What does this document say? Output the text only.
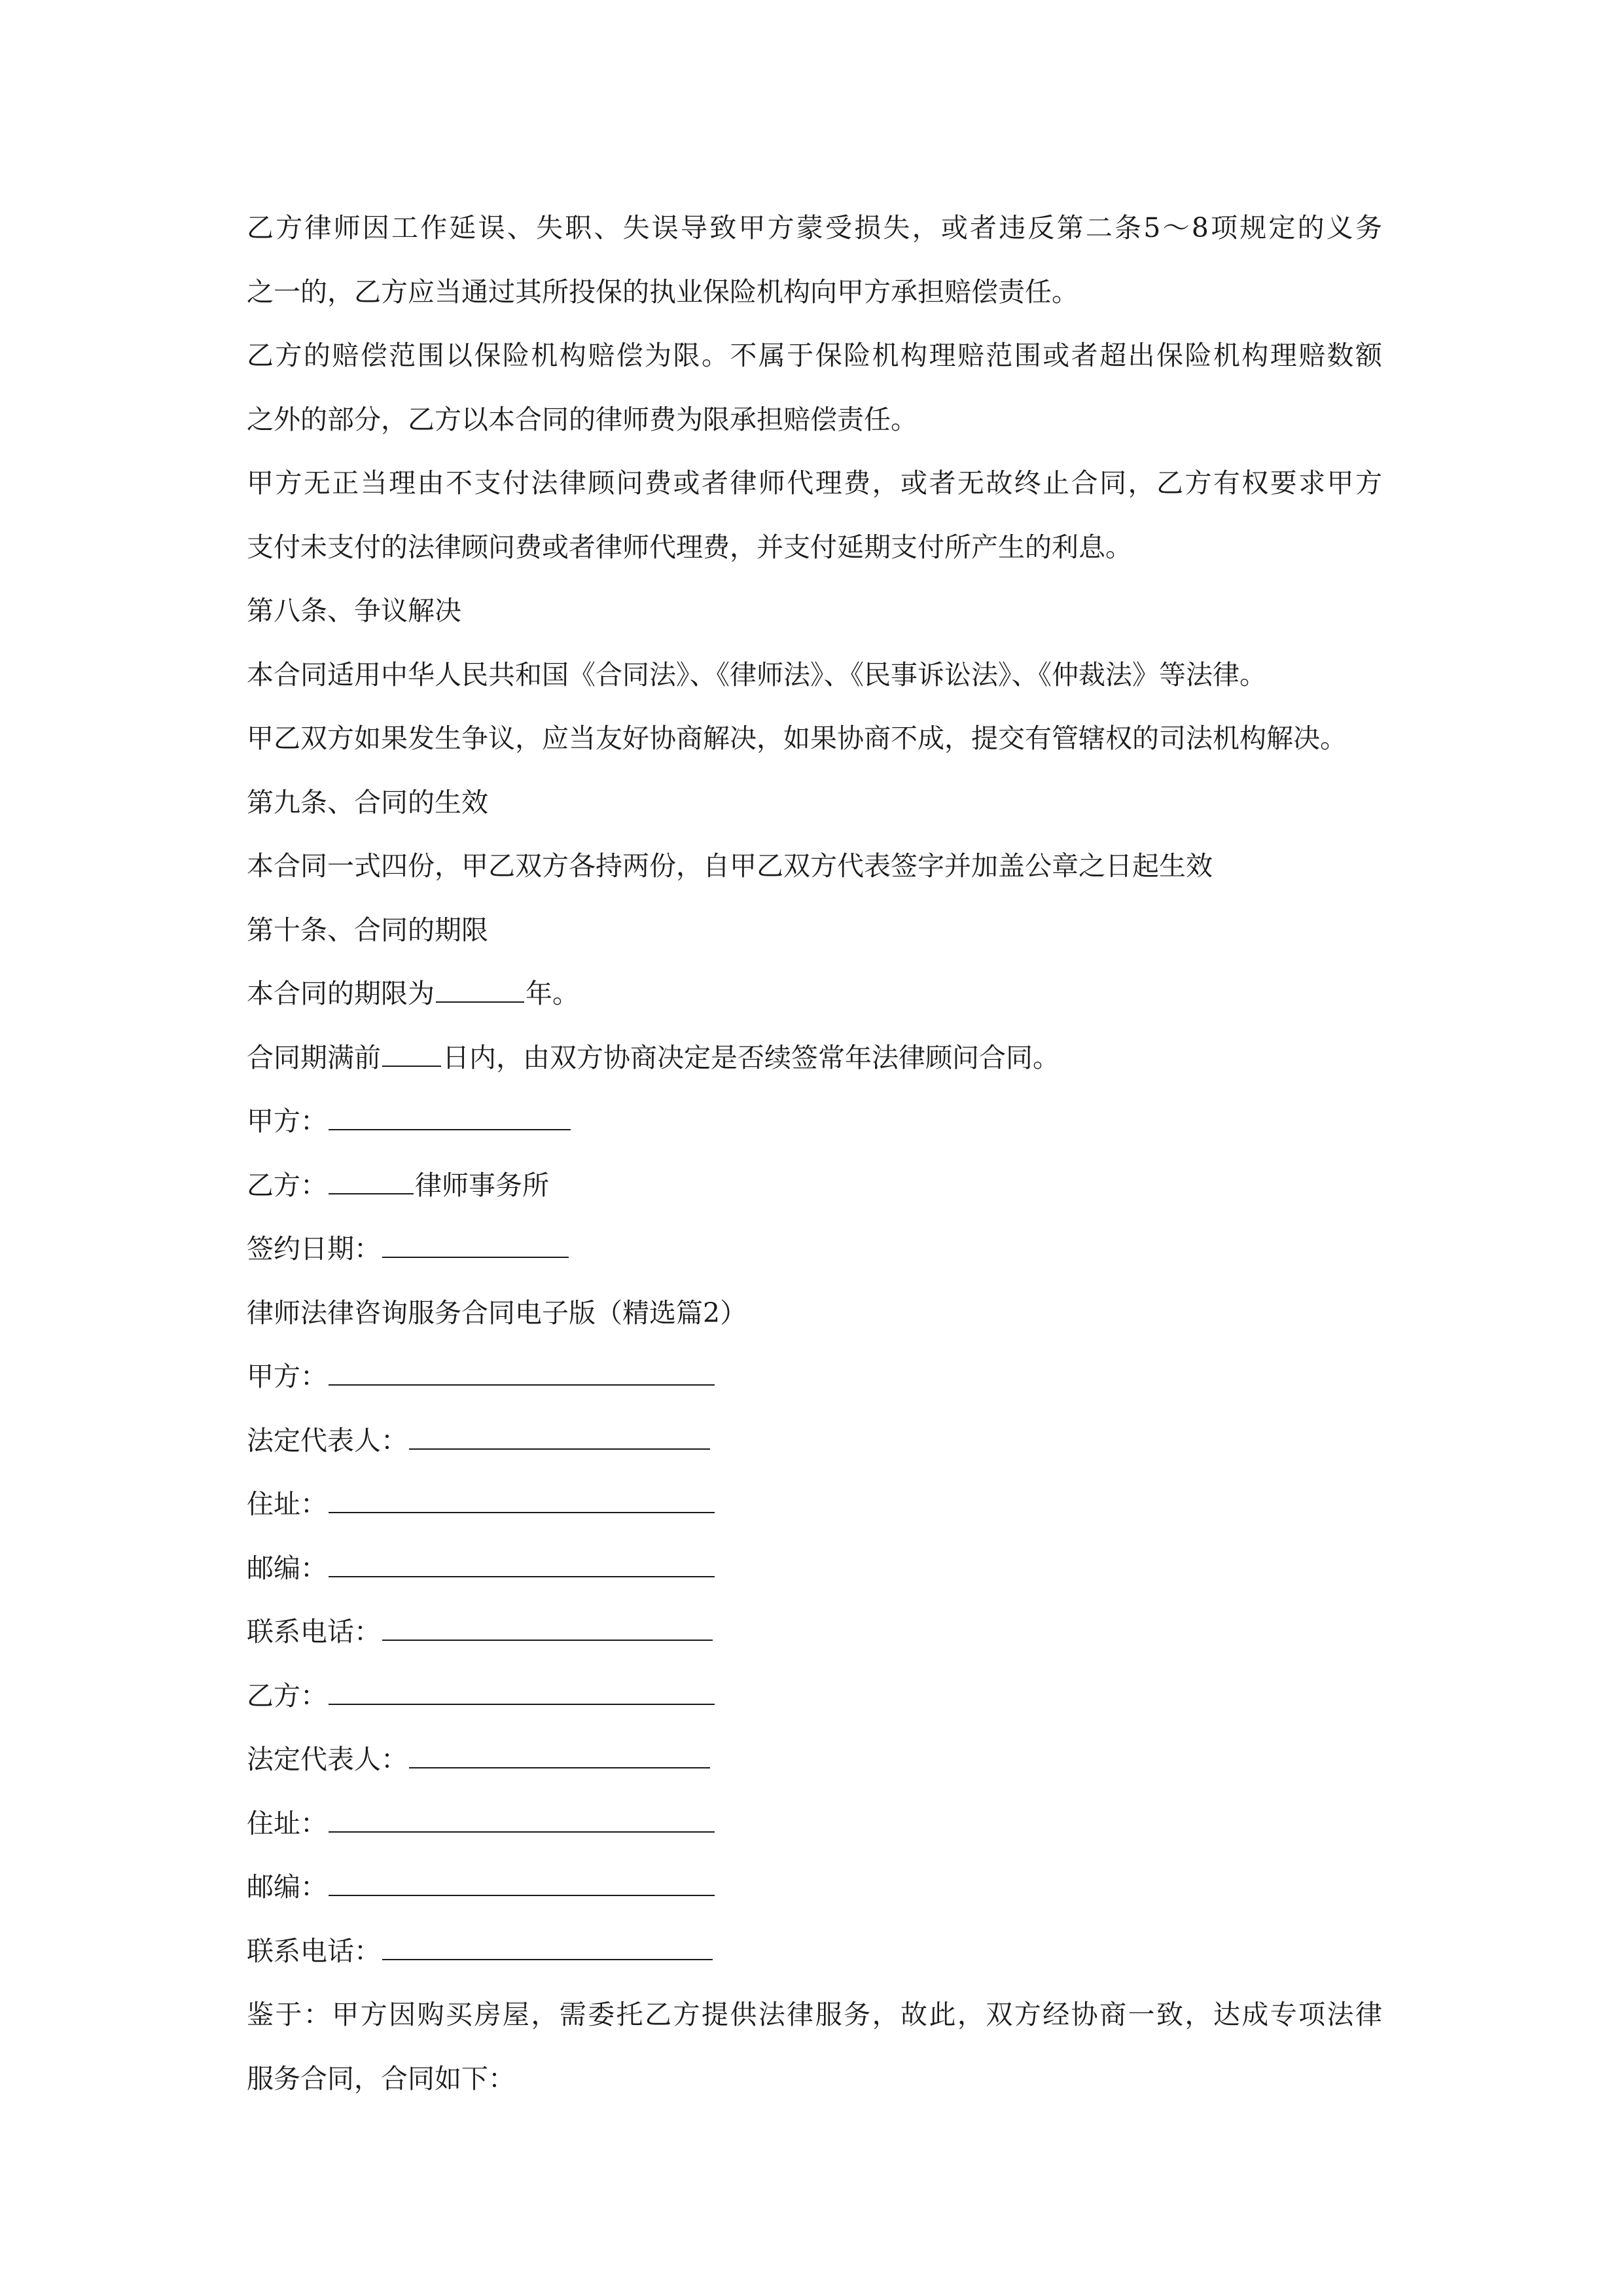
乙方律师因工作延误、失职、失误导致甲方蒙受损失，或者违反第二条5～8项规定的义务
之一的，乙方应当通过其所投保的执业保险机构向甲方承担赔偿责任。
乙方的赔偿范围以保险机构赔偿为限。不属于保险机构理赔范围或者超出保险机构理赔数额
之外的部分，乙方以本合同的律师费为限承担赔偿责任。
甲方无正当理由不支付法律顾问费或者律师代理费，或者无故终止合同，乙方有权要求甲方
支付未支付的法律顾问费或者律师代理费，并支付延期支付所产生的利息。
第八条、争议解决
本合同适用中华人民共和国《合同法》、《律师法》、《民事诉讼法》、《仲裁法》等法律。
甲乙双方如果发生争议，应当友好协商解决，如果协商不成，提交有管辖权的司法机构解决。
第九条、合同的生效
本合同一式四份，甲乙双方各持两份，自甲乙双方代表签字并加盖公章之日起生效
第十条、合同的期限
本合同的期限为	年。
合同期满前 日内，由双方协商决定是否续签常年法律顾问合同。
甲方：
乙方：	律师事务所
签约日期：
律师法律咨询服务合同电子版（精选篇2）
甲方：
法定代表人：
住址：
邮编：
联系电话：
乙方：
法定代表人：
住址：
邮编：
联系电话：
鉴于：甲方因购买房屋，需委托乙方提供法律服务，故此，双方经协商一致，达成专项法律
服务合同，合同如下：
